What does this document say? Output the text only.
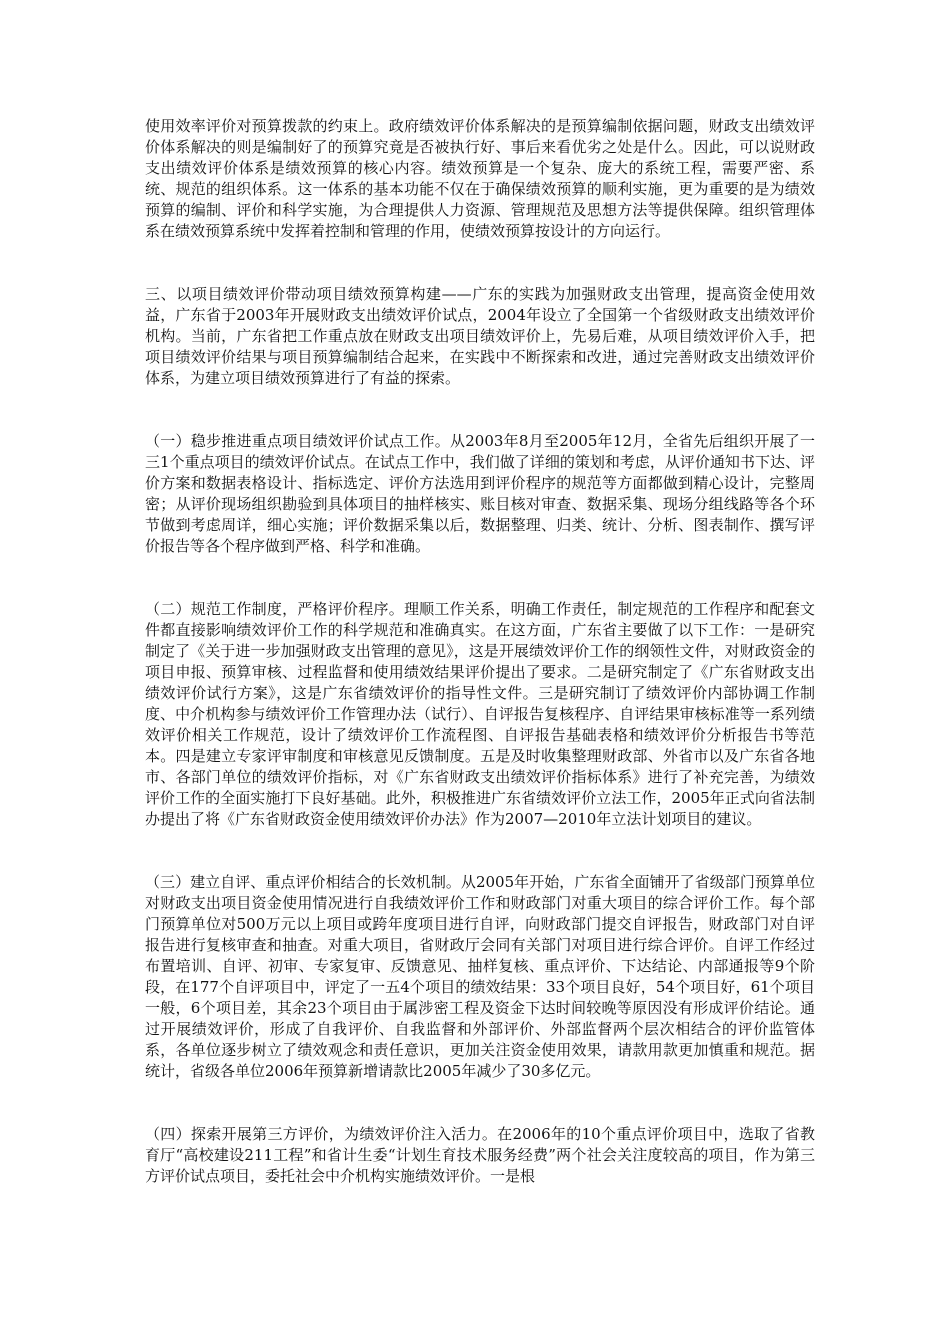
使用效率评价对预算拨款的约束上。政府绩效评价体系解决的是预算编制依据问题，财政支出绩效评价体系解决的则是编制好了的预算究竟是否被执行好、事后来看优劣之处是什么。因此，可以说财政支出绩效评价体系是绩效预算的核心内容。绩效预算是一个复杂、庞大的系统工程，需要严密、系统、规范的组织体系。这一体系的基本功能不仅在于确保绩效预算的顺利实施，更为重要的是为绩效预算的编制、评价和科学实施，为合理提供人力资源、管理规范及思想方法等提供保障。组织管理体系在绩效预算系统中发挥着控制和管理的作用，使绩效预算按设计的方向运行。

三、以项目绩效评价带动项目绩效预算构建——广东的实践为加强财政支出管理，提高资金使用效益，广东省于2003年开展财政支出绩效评价试点，2004年设立了全国第一个省级财政支出绩效评价机构。当前，广东省把工作重点放在财政支出项目绩效评价上，先易后难，从项目绩效评价入手，把项目绩效评价结果与项目预算编制结合起来，在实践中不断探索和改进，通过完善财政支出绩效评价体系，为建立项目绩效预算进行了有益的探索。

（一）稳步推进重点项目绩效评价试点工作。从2003年8月至2005年12月，全省先后组织开展了一三1个重点项目的绩效评价试点。在试点工作中，我们做了详细的策划和考虑，从评价通知书下达、评价方案和数据表格设计、指标选定、评价方法选用到评价程序的规范等方面都做到精心设计，完整周密；从评价现场组织勘验到具体项目的抽样核实、账目核对审查、数据采集、现场分组线路等各个环节做到考虑周详，细心实施；评价数据采集以后，数据整理、归类、统计、分析、图表制作、撰写评价报告等各个程序做到严格、科学和准确。

（二）规范工作制度，严格评价程序。理顺工作关系，明确工作责任，制定规范的工作程序和配套文件都直接影响绩效评价工作的科学规范和准确真实。在这方面，广东省主要做了以下工作：一是研究制定了《关于进一步加强财政支出管理的意见》，这是开展绩效评价工作的纲领性文件，对财政资金的项目申报、预算审核、过程监督和使用绩效结果评价提出了要求。二是研究制定了《广东省财政支出绩效评价试行方案》，这是广东省绩效评价的指导性文件。三是研究制订了绩效评价内部协调工作制度、中介机构参与绩效评价工作管理办法（试行）、自评报告复核程序、自评结果审核标准等一系列绩效评价相关工作规范，设计了绩效评价工作流程图、自评报告基础表格和绩效评价分析报告书等范本。四是建立专家评审制度和审核意见反馈制度。五是及时收集整理财政部、外省市以及广东省各地市、各部门单位的绩效评价指标，对《广东省财政支出绩效评价指标体系》进行了补充完善，为绩效评价工作的全面实施打下良好基础。此外，积极推进广东省绩效评价立法工作，2005年正式向省法制办提出了将《广东省财政资金使用绩效评价办法》作为2007—2010年立法计划项目的建议。

（三）建立自评、重点评价相结合的长效机制。从2005年开始，广东省全面铺开了省级部门预算单位对财政支出项目资金使用情况进行自我绩效评价工作和财政部门对重大项目的综合评价工作。每个部门预算单位对500万元以上项目或跨年度项目进行自评，向财政部门提交自评报告，财政部门对自评报告进行复核审查和抽查。对重大项目，省财政厅会同有关部门对项目进行综合评价。自评工作经过布置培训、自评、初审、专家复审、反馈意见、抽样复核、重点评价、下达结论、内部通报等9个阶段，在177个自评项目中，评定了一五4个项目的绩效结果：33个项目良好，54个项目好，61个项目一般，6个项目差，其余23个项目由于属涉密工程及资金下达时间较晚等原因没有形成评价结论。通过开展绩效评价，形成了自我评价、自我监督和外部评价、外部监督两个层次相结合的评价监管体系，各单位逐步树立了绩效观念和责任意识，更加关注资金使用效果，请款用款更加慎重和规范。据统计，省级各单位2006年预算新增请款比2005年减少了30多亿元。

（四）探索开展第三方评价，为绩效评价注入活力。在2006年的10个重点评价项目中，选取了省教育厅“高校建设211工程”和省计生委“计划生育技术服务经费”两个社会关注度较高的项目，作为第三方评价试点项目，委托社会中介机构实施绩效评价。一是根
